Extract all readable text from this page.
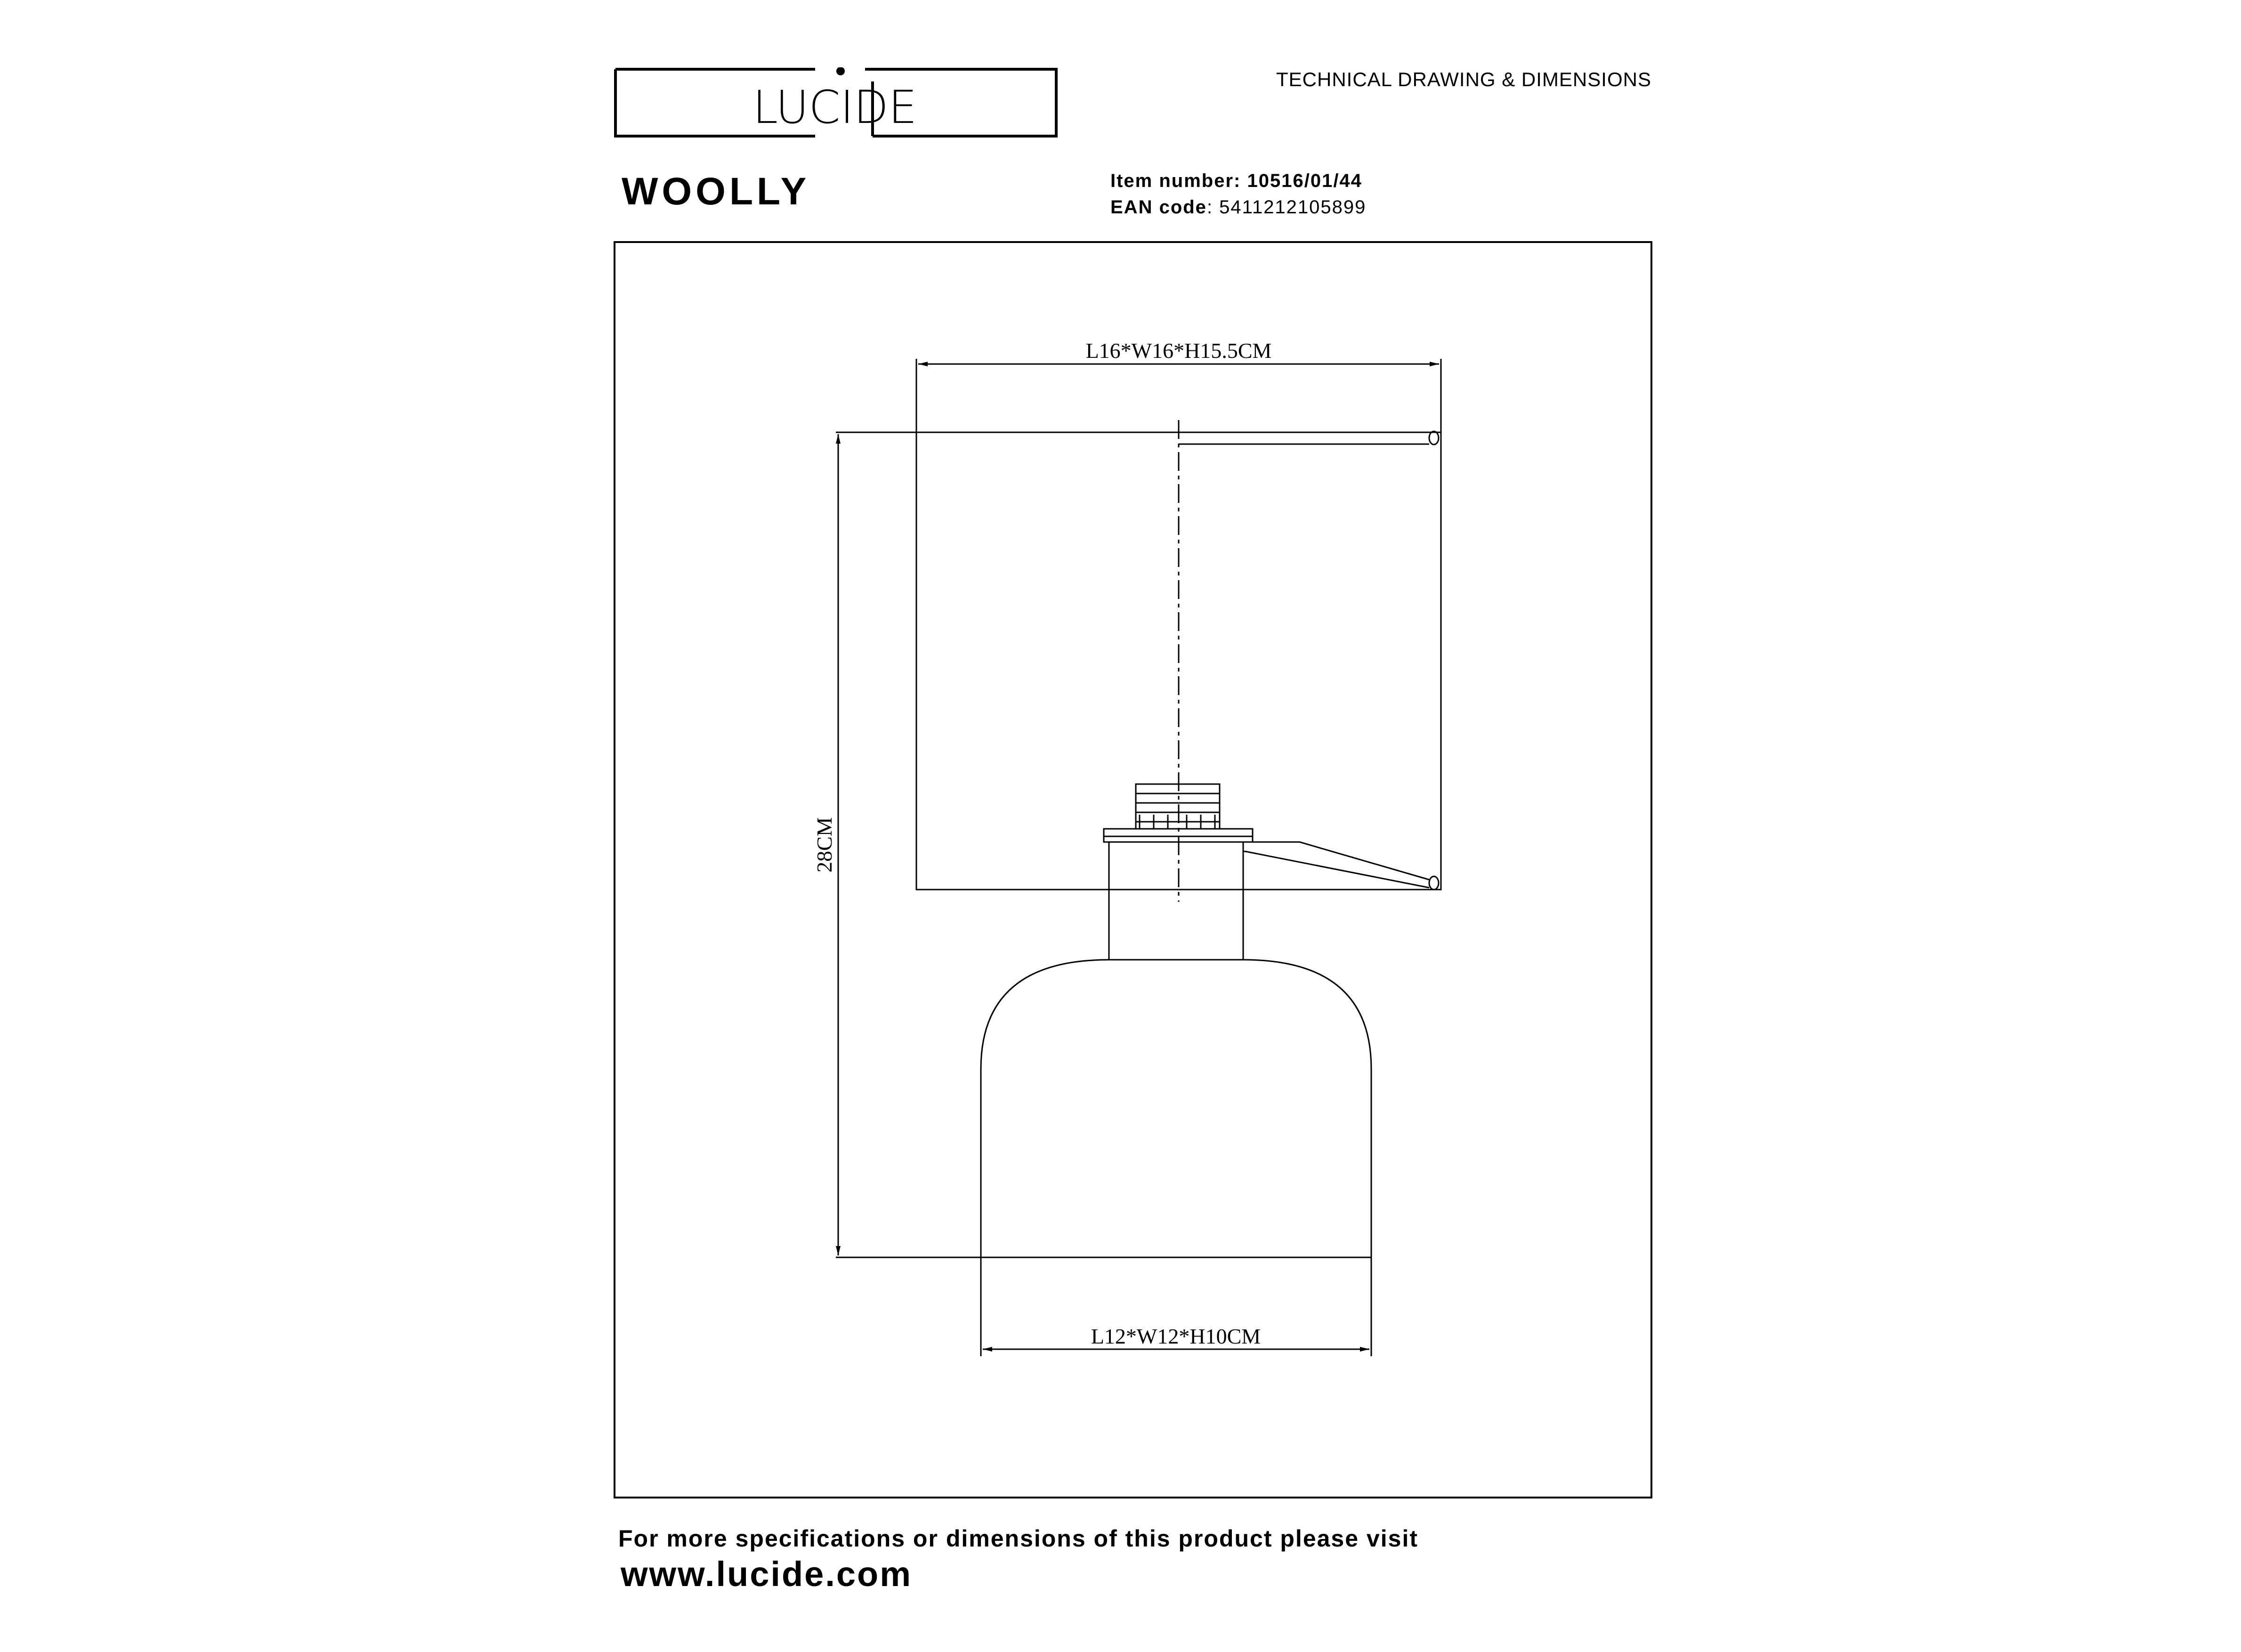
LUCIDE
TECHNICAL DRAWING & DIMENSIONS
WOOLLY	Item number: 10516/01/44
EAN code: 5411212105899
L16*W16*H15.5CM
28CM
L12*W12*H10CM
For more specifications or dimensions of this product please visit
www.lucide.com
